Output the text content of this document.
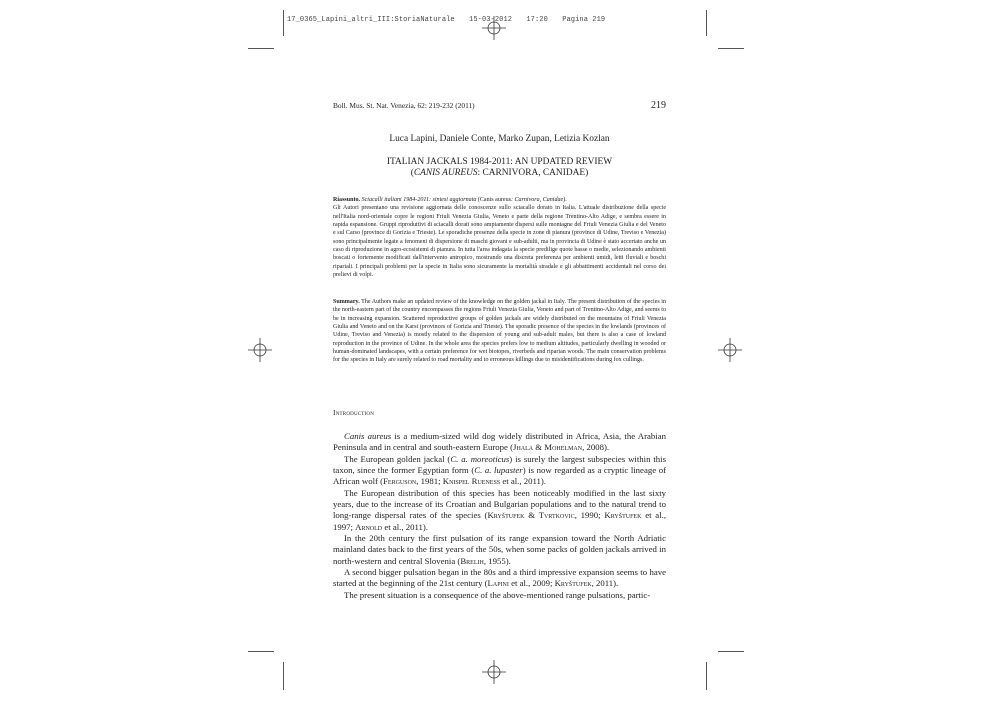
17_0365_Lapini_altri_III:StoriaNaturale 15-03-2012 17:20 Pagina 219
Boll. Mus. St. Nat. Venezia, 62: 219-232 (2011)	219
Luca Lapini, Daniele Conte, Marko Zupan, Letizia Kozlan
ITALIAN JACKALS 1984-2011: AN UPDATED REVIEW
(CANIS AUREUS: CARNIVORA, CANIDAE)
Riassunto. Sciacalli italiani 1984-2011: sintesi aggiornata (Canis aureus: Carnivora, Canidae).
Gli Autori presentano una revisione aggiornata delle conoscenze sullo sciacallo dorato in Italia. L'attuale distribuzione della specie nell'Italia nord-orientale copre le regioni Friuli Venezia Giulia, Veneto e parte della regione Trentino-Alto Adige, e sembra essere in rapida espansione. Gruppi riproduttivi di sciacalli dorati sono ampiamente dispersi sulle montagne del Friuli Venezia Giulia e del Veneto e sul Carso (province di Gorizia e Trieste). Le sporadiche presenze della specie in zone di pianura (province di Udine, Treviso e Venezia) sono principalmente legate a fenomeni di dispersione di maschi giovani e sub-adulti, ma in provincia di Udine è stato accertato anche un caso di riproduzione in agro-ecosistemi di pianura. In tutta l'area indagata la specie predilige quote basse o medie, selezionando ambienti boscati o fortemente modificati dall'intervento antropico, mostrando una discreta preferenza per ambienti umidi, letti fluviali e boschi ripariali. I principali problemi per la specie in Italia sono sicuramente la mortalità stradale e gli abbattimenti accidentali nel corso dei prelievi di volpi.
Summary. The Authors make an updated review of the knowledge on the golden jackal in Italy. The present distribution of the species in the north-eastern part of the country encompasses the regions Friuli Venezia Giulia, Veneto and part of Trentino-Alto Adige, and seems to be in increasing expansion. Scattered reproductive groups of golden jackals are widely distributed on the mountains of Friuli Venezia Giulia and Veneto and on the Karst (provinces of Gorizia and Trieste). The sporadic presence of the species in the lowlands (provinces of Udine, Treviso and Venezia) is mostly related to the dispersion of young and sub-adult males, but there is also a case of lowland reproduction in the province of Udine. In the whole area the species prefers low to medium altitudes, particularly dwelling in wooded or human-dominated landscapes, with a certain preference for wet biotopes, riverbeds and riparian woods. The main conservation problems for the species in Italy are surely related to road mortality and to erroneous killings due to misidentifications during fox cullings.
Introduction

Canis aureus is a medium-sized wild dog widely distributed in Africa, Asia, the Arabian Peninsula and in central and south-eastern Europe (Jhala & Mohelman, 2008).

The European golden jackal (C. a. moreoticus) is surely the largest subspecies within this taxon, since the former Egyptian form (C. a. lupaster) is now regarded as a cryptic lineage of African wolf (Ferguson, 1981; Knispel Rueness et al., 2011).

The European distribution of this species has been noticeably modified in the last sixty years, due to the increase of its Croatian and Bulgarian populations and to the natural trend to long-range dispersal rates of the species (Kryštufek & Tvrtkovic, 1990; Kryštufek et al., 1997; Arnold et al., 2011).

In the 20th century the first pulsation of its range expansion toward the North Adriatic mainland dates back to the first years of the 50s, when some packs of golden jackals arrived in north-western and central Slovenia (Brelih, 1955).

A second bigger pulsation began in the 80s and a third impressive expansion seems to have started at the beginning of the 21st century (Lapini et al., 2009; Kryštufek, 2011).

The present situation is a consequence of the above-mentioned range pulsations, partic-
